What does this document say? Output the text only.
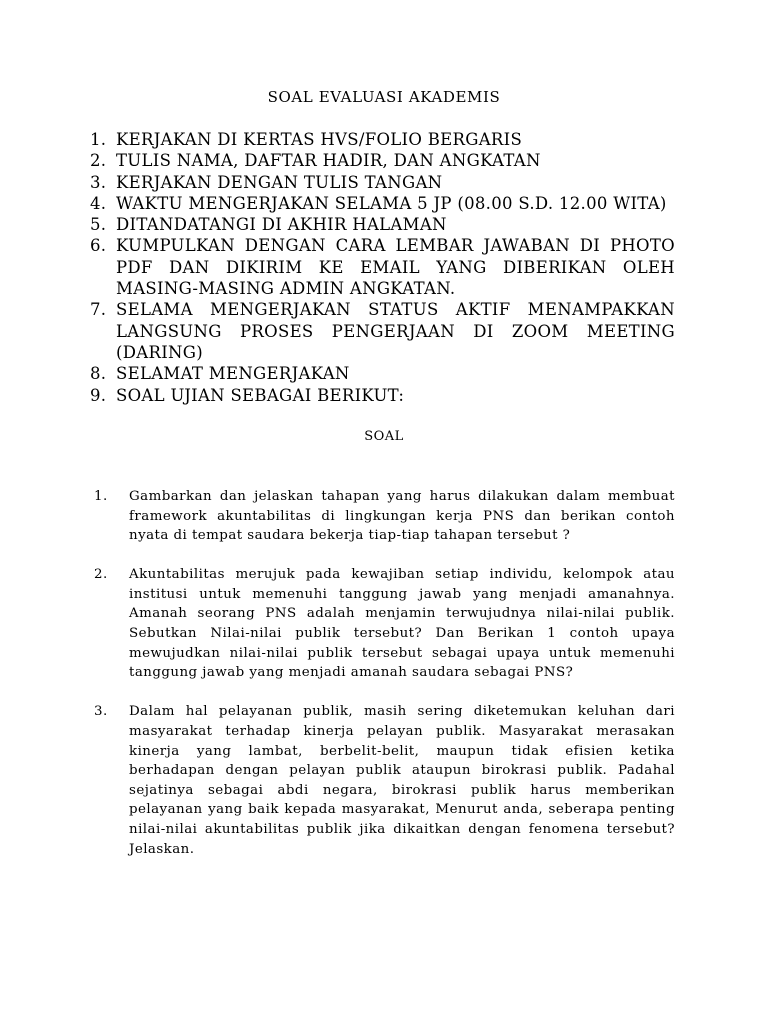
SOAL EVALUASI AKADEMIS
1. KERJAKAN DI KERTAS HVS/FOLIO BERGARIS
2. TULIS NAMA, DAFTAR HADIR, DAN ANGKATAN
3. KERJAKAN DENGAN TULIS TANGAN
4. WAKTU MENGERJAKAN SELAMA 5 JP (08.00 S.D. 12.00 WITA)
5. DITANDATANGI DI AKHIR HALAMAN
6. KUMPULKAN DENGAN CARA LEMBAR JAWABAN DI PHOTO PDF DAN DIKIRIM KE EMAIL YANG DIBERIKAN OLEH MASING-MASING ADMIN ANGKATAN.
7. SELAMA MENGERJAKAN STATUS AKTIF MENAMPAKKAN LANGSUNG PROSES PENGERJAAN DI ZOOM MEETING (DARING)
8. SELAMAT MENGERJAKAN
9. SOAL UJIAN SEBAGAI BERIKUT:
SOAL
1.	Gambarkan dan jelaskan tahapan yang harus dilakukan dalam membuat framework akuntabilitas di lingkungan kerja PNS dan berikan contoh nyata di tempat saudara bekerja tiap-tiap tahapan tersebut ?
2.	Akuntabilitas merujuk pada kewajiban setiap individu, kelompok atau institusi untuk memenuhi tanggung jawab yang menjadi amanahnya. Amanah seorang PNS adalah menjamin terwujudnya nilai-nilai publik. Sebutkan Nilai-nilai publik tersebut? Dan Berikan 1 contoh upaya mewujudkan nilai-nilai publik tersebut sebagai upaya untuk memenuhi tanggung jawab yang menjadi amanah saudara sebagai PNS?
3.	Dalam hal pelayanan publik, masih sering diketemukan keluhan dari masyarakat terhadap kinerja pelayan publik. Masyarakat merasakan kinerja yang lambat, berbelit-belit, maupun tidak efisien ketika berhadapan dengan pelayan publik ataupun birokrasi publik. Padahal sejatinya sebagai abdi negara, birokrasi publik harus memberikan pelayanan yang baik kepada masyarakat, Menurut anda, seberapa penting nilai-nilai akuntabilitas publik jika dikaitkan dengan fenomena tersebut? Jelaskan.
